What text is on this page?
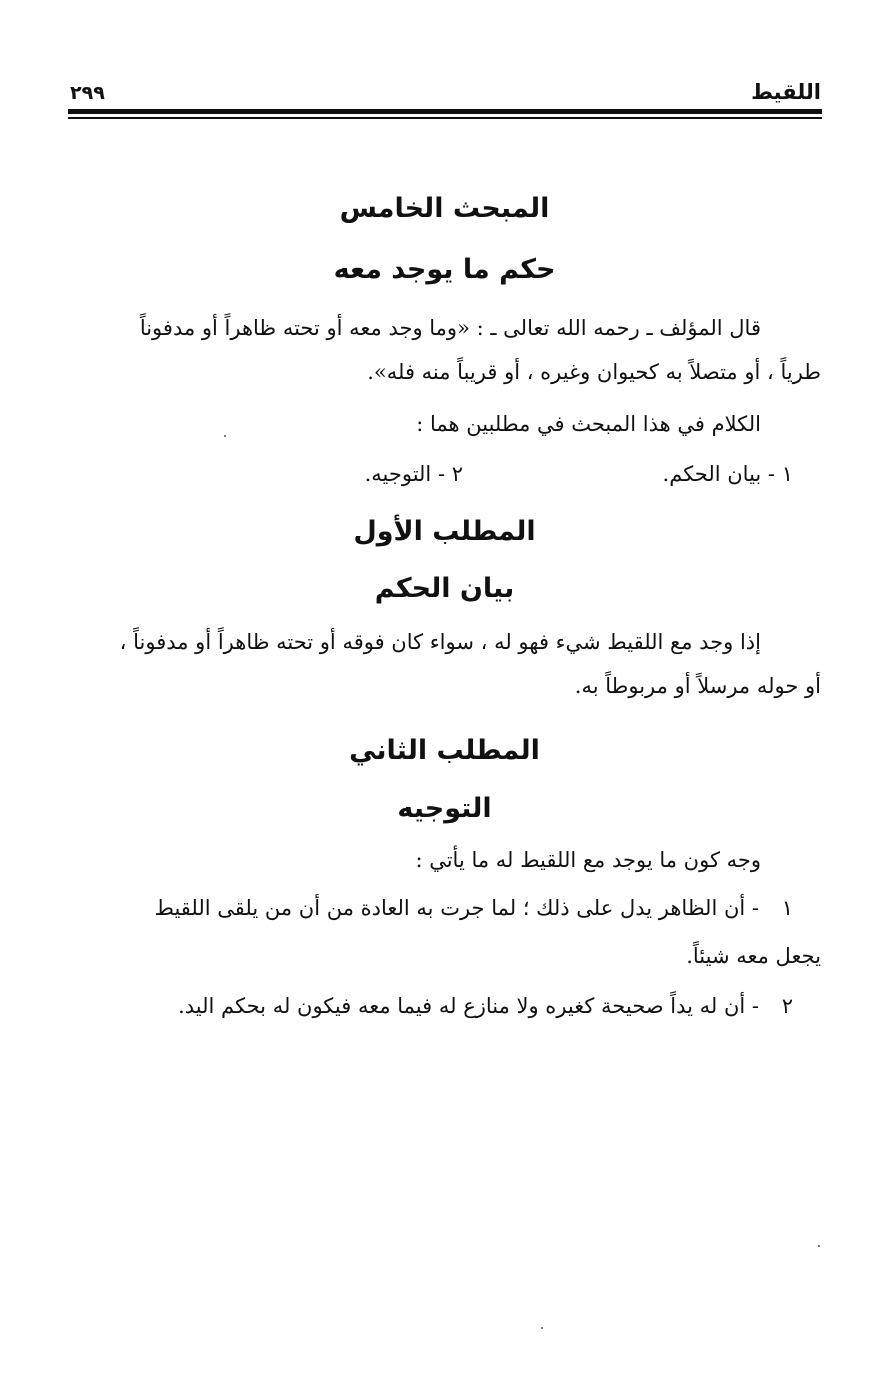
اللقيط
٢٩٩
المبحث الخامس
حكم ما يوجد معه

قال المؤلف ـ رحمه الله تعالى ـ : «وما وجد معه أو تحته ظاهراً أو مدفوناً

طرياً ، أو متصلاً به كحيوان وغيره ، أو قريباً منه فله».

الكلام في هذا المبحث في مطلبين هما :

١ - بيان الحكم.
٢ - التوجيه.
المطلب الأول
بيان الحكم

إذا وجد مع اللقيط شيء فهو له ، سواء كان فوقه أو تحته ظاهراً أو مدفوناً ،

أو حوله مرسلاً أو مربوطاً به.

المطلب الثاني
التوجيه

وجه كون ما يوجد مع اللقيط له ما يأتي :

١- أن الظاهر يدل على ذلك ؛ لما جرت به العادة من أن من يلقى اللقيط

يجعل معه شيئاً.

٢- أن له يداً صحيحة كغيره ولا منازع له فيما معه فيكون له بحكم اليد.
